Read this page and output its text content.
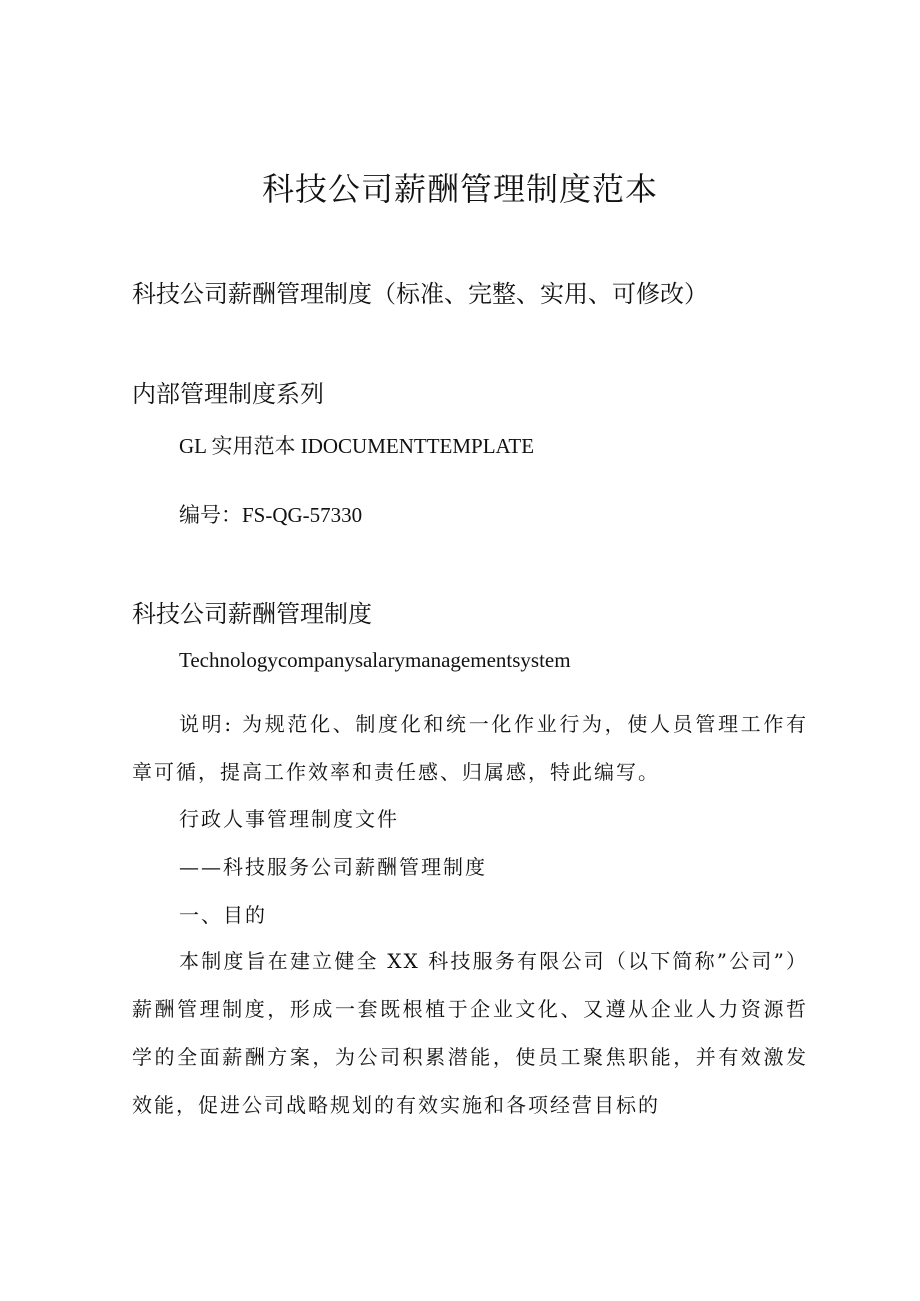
科技公司薪酬管理制度范本
科技公司薪酬管理制度（标准、完整、实用、可修改）
内部管理制度系列
GL 实用范本 IDOCUMENTTEMPLATE
编号：FS-QG-57330
科技公司薪酬管理制度
Technologycompanysalarymanagementsystem
说明: 为规范化、制度化和统一化作业行为，使人员管理工作有章可循，提高工作效率和责任感、归属感，特此编写。
行政人事管理制度文件
——科技服务公司薪酬管理制度
一、目的
本制度旨在建立健全 XX 科技服务有限公司（以下简称”公司”）薪酬管理制度，形成一套既根植于企业文化、又遵从企业人力资源哲学的全面薪酬方案，为公司积累潜能，使员工聚焦职能，并有效激发效能，促进公司战略规划的有效实施和各项经营目标的
